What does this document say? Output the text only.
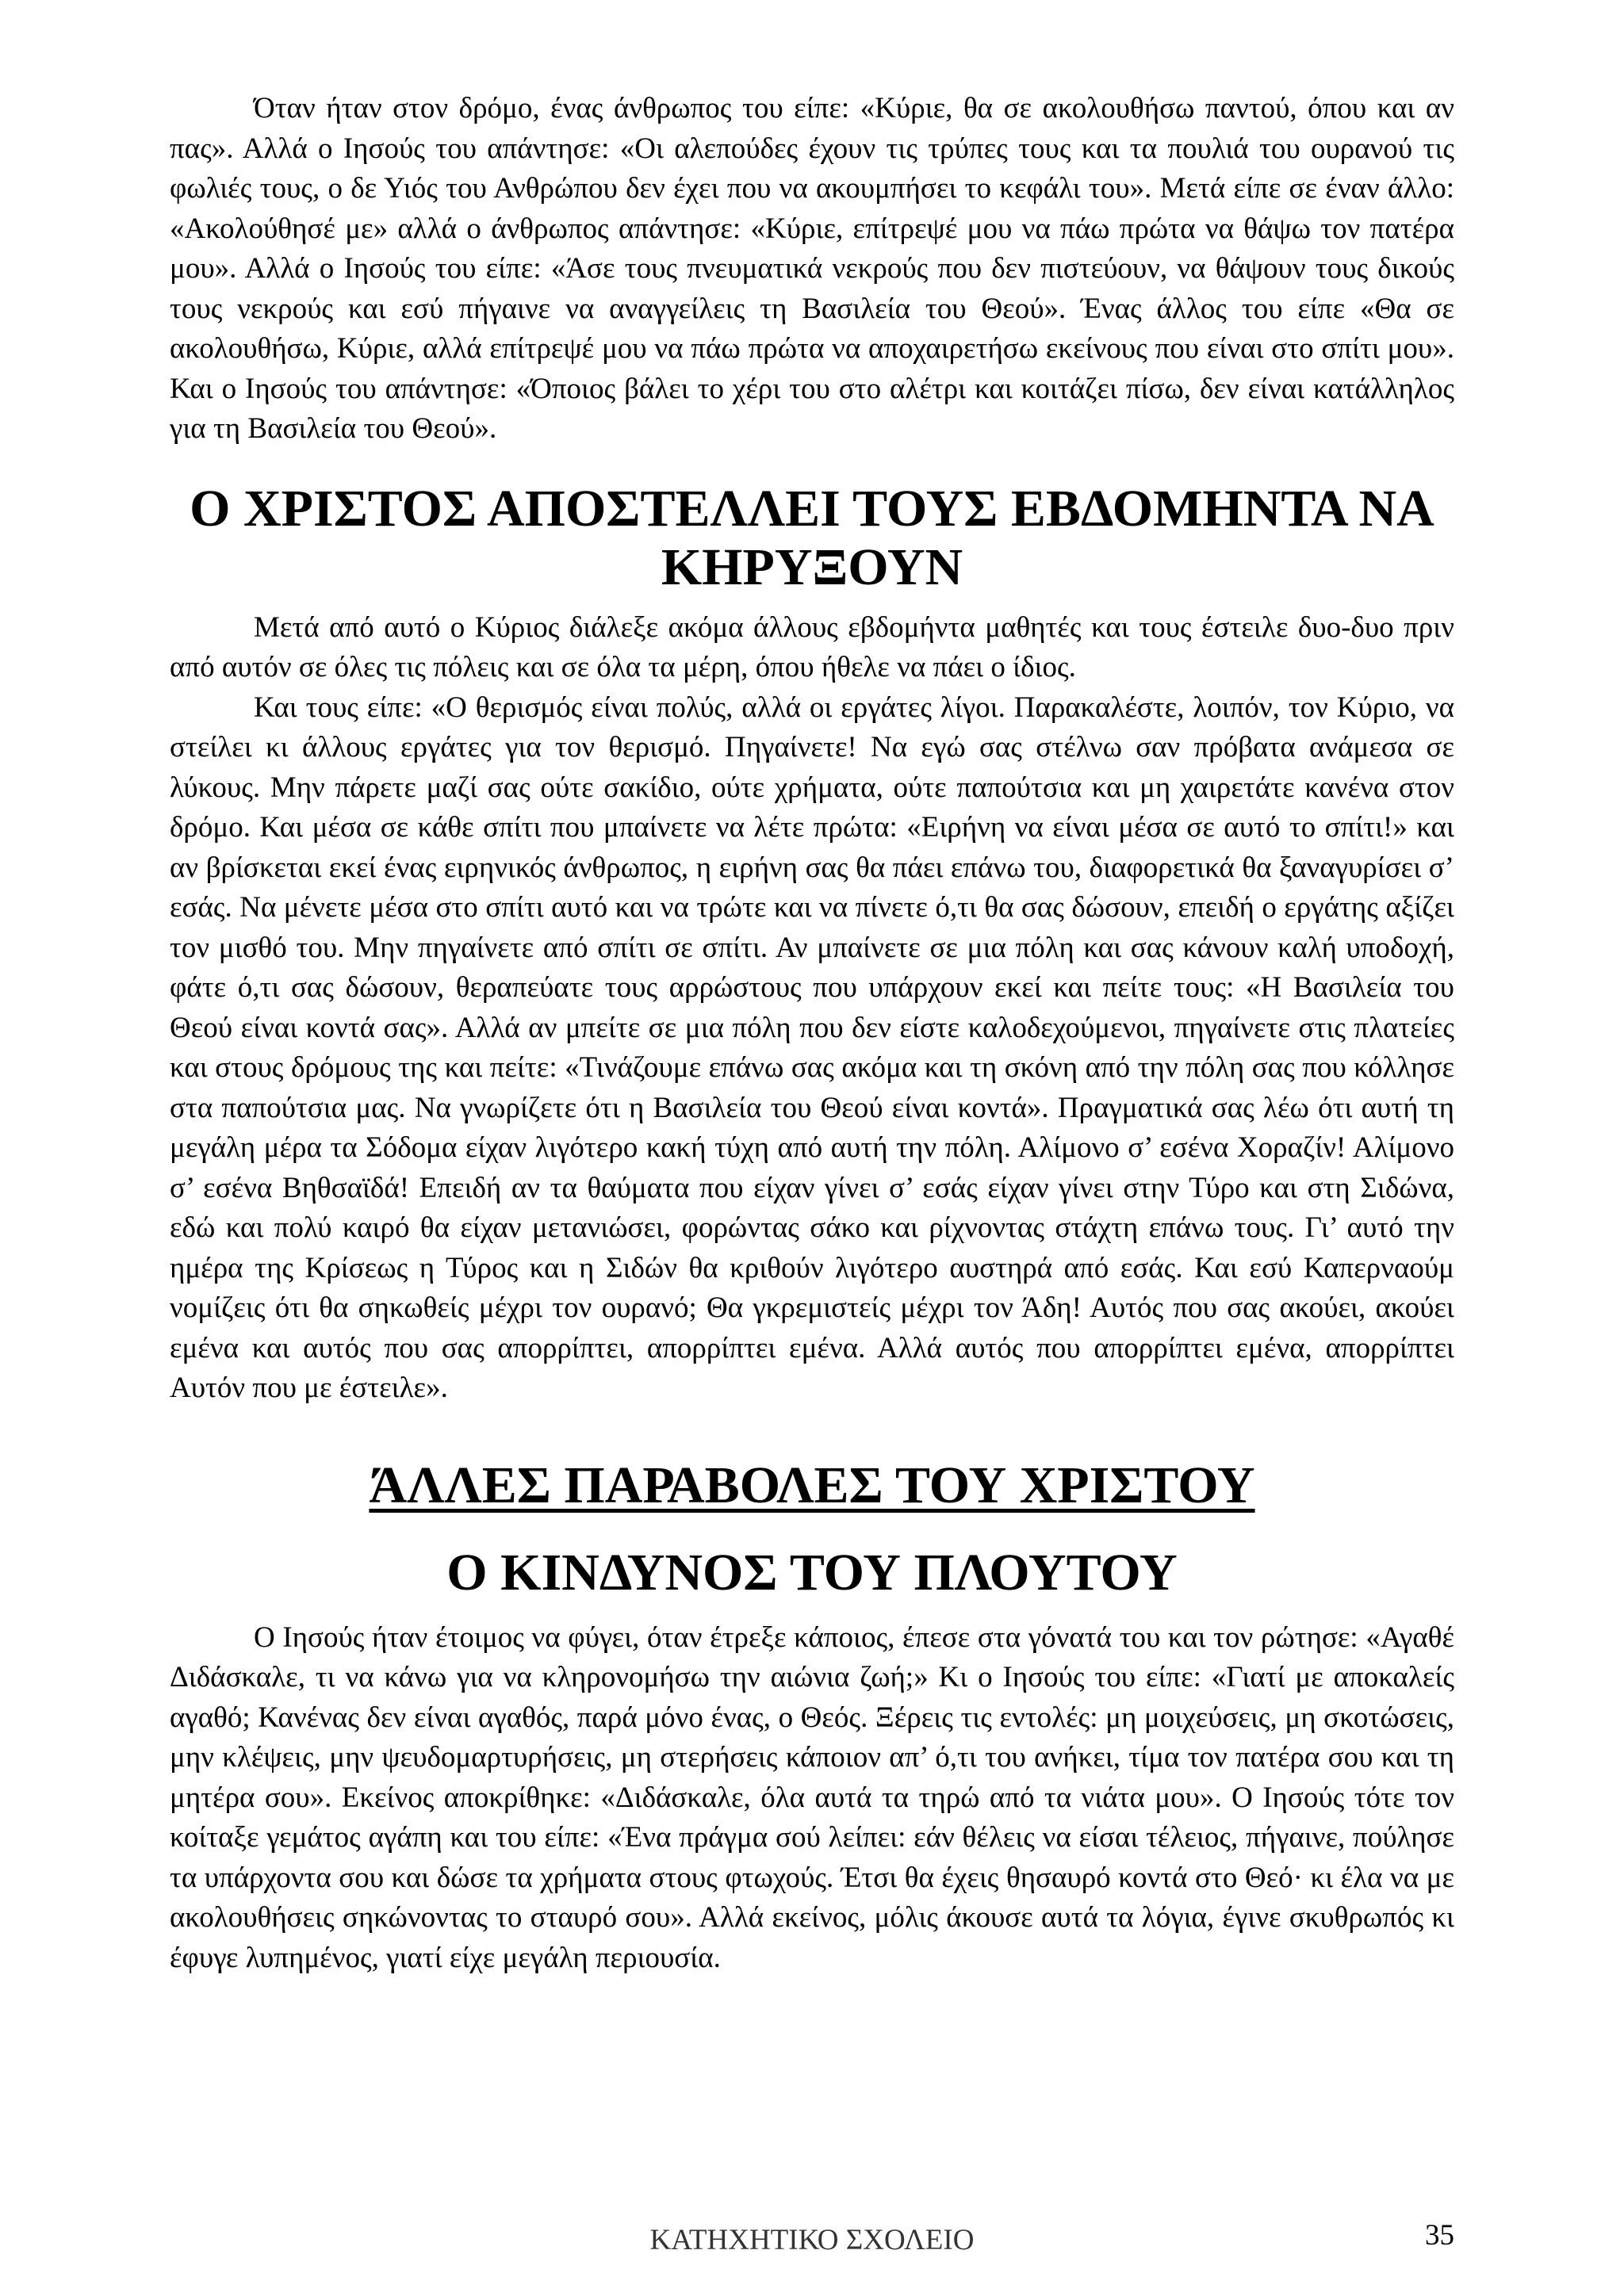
Όταν ήταν στον δρόμο, ένας άνθρωπος του είπε: «Κύριε, θα σε ακολουθήσω παντού, όπου και αν πας». Αλλά ο Ιησούς του απάντησε: «Οι αλεπούδες έχουν τις τρύπες τους και τα πουλιά του ουρανού τις φωλιές τους, ο δε Υιός του Ανθρώπου δεν έχει που να ακουμπήσει το κεφάλι του». Μετά είπε σε έναν άλλο: «Ακολούθησέ με» αλλά ο άνθρωπος απάντησε: «Κύριε, επίτρεψέ μου να πάω πρώτα να θάψω τον πατέρα μου». Αλλά ο Ιησούς του είπε: «Άσε τους πνευματικά νεκρούς που δεν πιστεύουν, να θάψουν τους δικούς τους νεκρούς και εσύ πήγαινε να αναγγείλεις τη Βασιλεία του Θεού». Ένας άλλος του είπε «Θα σε ακολουθήσω, Κύριε, αλλά επίτρεψέ μου να πάω πρώτα να αποχαιρετήσω εκείνους που είναι στο σπίτι μου». Και ο Ιησούς του απάντησε: «Όποιος βάλει το χέρι του στο αλέτρι και κοιτάζει πίσω, δεν είναι κατάλληλος για τη Βασιλεία του Θεού».

Ο ΧΡΙΣΤΟΣ ΑΠΟΣΤΕΛΛΕΙ ΤΟΥΣ ΕΒΔΟΜΗΝΤΑ ΝΑ ΚΗΡΥΞΟΥΝ

Μετά από αυτό ο Κύριος διάλεξε ακόμα άλλους εβδομήντα μαθητές και τους έστειλε δυο-δυο πριν από αυτόν σε όλες τις πόλεις και σε όλα τα μέρη, όπου ήθελε να πάει ο ίδιος.

Και τους είπε: «Ο θερισμός είναι πολύς, αλλά οι εργάτες λίγοι. Παρακαλέστε, λοιπόν, τον Κύριο, να στείλει κι άλλους εργάτες για τον θερισμό. Πηγαίνετε! Να εγώ σας στέλνω σαν πρόβατα ανάμεσα σε λύκους. Μην πάρετε μαζί σας ούτε σακίδιο, ούτε χρήματα, ούτε παπούτσια και μη χαιρετάτε κανένα στον δρόμο. Και μέσα σε κάθε σπίτι που μπαίνετε να λέτε πρώτα: «Ειρήνη να είναι μέσα σε αυτό το σπίτι!» και αν βρίσκεται εκεί ένας ειρηνικός άνθρωπος, η ειρήνη σας θα πάει επάνω του, διαφορετικά θα ξαναγυρίσει σ’ εσάς. Να μένετε μέσα στο σπίτι αυτό και να τρώτε και να πίνετε ό,τι θα σας δώσουν, επειδή ο εργάτης αξίζει τον μισθό του. Μην πηγαίνετε από σπίτι σε σπίτι. Αν μπαίνετε σε μια πόλη και σας κάνουν καλή υποδοχή, φάτε ό,τι σας δώσουν, θεραπεύατε τους αρρώστους που υπάρχουν εκεί και πείτε τους: «Η Βασιλεία του Θεού είναι κοντά σας». Αλλά αν μπείτε σε μια πόλη που δεν είστε καλοδεχούμενοι, πηγαίνετε στις πλατείες και στους δρόμους της και πείτε: «Τινάζουμε επάνω σας ακόμα και τη σκόνη από την πόλη σας που κόλλησε στα παπούτσια μας. Να γνωρίζετε ότι η Βασιλεία του Θεού είναι κοντά». Πραγματικά σας λέω ότι αυτή τη μεγάλη μέρα τα Σόδομα είχαν λιγότερο κακή τύχη από αυτή την πόλη. Αλίμονο σ’ εσένα Χοραζίν! Αλίμονο σ’ εσένα Βηθσαϊδά! Επειδή αν τα θαύματα που είχαν γίνει σ’ εσάς είχαν γίνει στην Τύρο και στη Σιδώνα, εδώ και πολύ καιρό θα είχαν μετανιώσει, φορώντας σάκο και ρίχνοντας στάχτη επάνω τους. Γι’ αυτό την ημέρα της Κρίσεως η Τύρος και η Σιδών θα κριθούν λιγότερο αυστηρά από εσάς. Και εσύ Καπερναούμ νομίζεις ότι θα σηκωθείς μέχρι τον ουρανό; Θα γκρεμιστείς μέχρι τον Άδη! Αυτός που σας ακούει, ακούει εμένα και αυτός που σας απορρίπτει, απορρίπτει εμένα. Αλλά αυτός που απορρίπτει εμένα, απορρίπτει Αυτόν που με έστειλε».

ΆΛΛΕΣ ΠΑΡΑΒΟΛΕΣ ΤΟΥ ΧΡΙΣΤΟΥ
Ο ΚΙΝΔΥΝΟΣ ΤΟΥ ΠΛΟΥΤΟΥ

Ο Ιησούς ήταν έτοιμος να φύγει, όταν έτρεξε κάποιος, έπεσε στα γόνατά του και τον ρώτησε: «Αγαθέ Διδάσκαλε, τι να κάνω για να κληρονομήσω την αιώνια ζωή;» Κι ο Ιησούς του είπε: «Γιατί με αποκαλείς αγαθό; Κανένας δεν είναι αγαθός, παρά μόνο ένας, ο Θεός. Ξέρεις τις εντολές: μη μοιχεύσεις, μη σκοτώσεις, μην κλέψεις, μην ψευδομαρτυρήσεις, μη στερήσεις κάποιον απ’ ό,τι του ανήκει, τίμα τον πατέρα σου και τη μητέρα σου». Εκείνος αποκρίθηκε: «Διδάσκαλε, όλα αυτά τα τηρώ από τα νιάτα μου». Ο Ιησούς τότε τον κοίταξε γεμάτος αγάπη και του είπε: «Ένα πράγμα σού λείπει: εάν θέλεις να είσαι τέλειος, πήγαινε, πούλησε τα υπάρχοντα σου και δώσε τα χρήματα στους φτωχούς. Έτσι θα έχεις θησαυρό κοντά στο Θεό· κι έλα να με ακολουθήσεις σηκώνοντας το σταυρό σου». Αλλά εκείνος, μόλις άκουσε αυτά τα λόγια, έγινε σκυθρωπός κι έφυγε λυπημένος, γιατί είχε μεγάλη περιουσία.

ΚΑΤΗΧΗΤΙΚΟ ΣΧΟΛΕΙΟ	35
